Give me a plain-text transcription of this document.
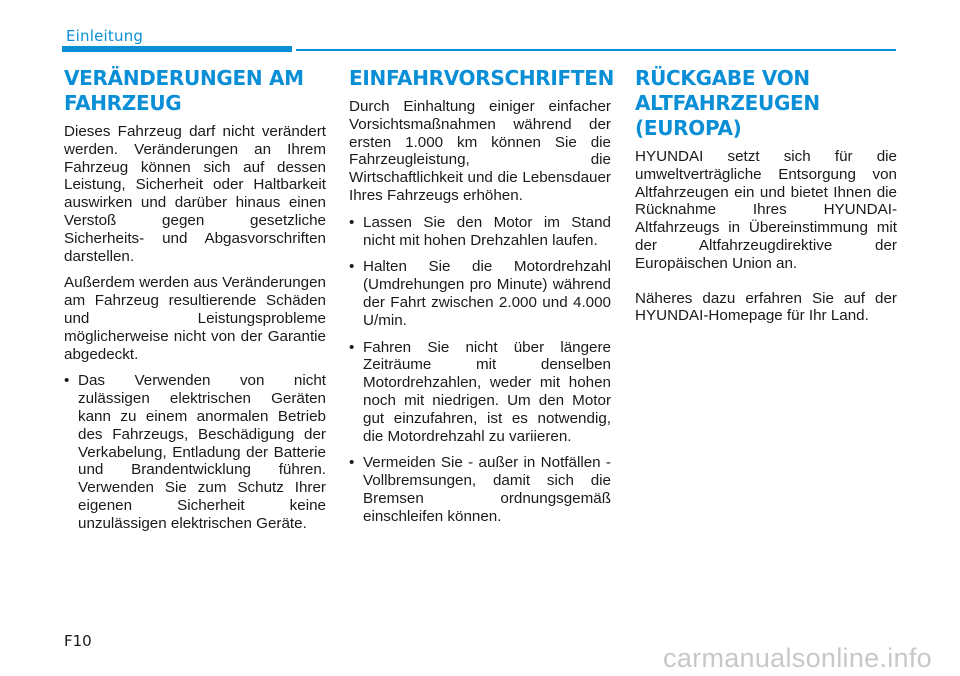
Einleitung
VERÄNDERUNGEN AM
FAHRZEUG

Dieses Fahrzeug darf nicht verändert werden. Veränderungen an Ihrem Fahrzeug können sich auf dessen Leistung, Sicherheit oder Haltbarkeit auswirken und darüber hinaus einen Verstoß gegen gesetzliche Sicherheits- und Abgasvorschriften darstellen.

Außerdem werden aus Veränderungen am Fahrzeug resultierende Schäden und Leistungsprobleme möglicherweise nicht von der Garantie abgedeckt.

• Das Verwenden von nicht zulässigen elektrischen Geräten kann zu einem anormalen Betrieb des Fahrzeugs, Beschädigung der Verkabelung, Entladung der Batterie und Brandentwicklung führen. Verwenden Sie zum Schutz Ihrer eigenen Sicherheit keine unzulässigen elektrischen Geräte.
EINFAHRVORSCHRIFTEN

Durch Einhaltung einiger einfacher Vorsichtsmaßnahmen während der ersten 1.000 km können Sie die Fahrzeugleistung, die Wirtschaftlichkeit und die Lebensdauer Ihres Fahrzeugs erhöhen.

• Lassen Sie den Motor im Stand nicht mit hohen Drehzahlen laufen.
• Halten Sie die Motordrehzahl (Umdrehungen pro Minute) während der Fahrt zwischen 2.000 und 4.000 U/min.
• Fahren Sie nicht über längere Zeiträume mit denselben Motordrehzahlen, weder mit hohen noch mit niedrigen. Um den Motor gut einzufahren, ist es notwendig, die Motordrehzahl zu variieren.
• Vermeiden Sie - außer in Notfällen - Vollbremsungen, damit sich die Bremsen ordnungsgemäß einschleifen können.
RÜCKGABE VON
ALTFAHRZEUGEN (EUROPA)

HYUNDAI setzt sich für die umweltverträgliche Entsorgung von Altfahrzeugen ein und bietet Ihnen die Rücknahme Ihres HYUNDAI-Altfahrzeugs in Übereinstimmung mit der Altfahrzeugdirektive der Europäischen Union an.

Näheres dazu erfahren Sie auf der HYUNDAI-Homepage für Ihr Land.

F10
carmanualsonline.info
